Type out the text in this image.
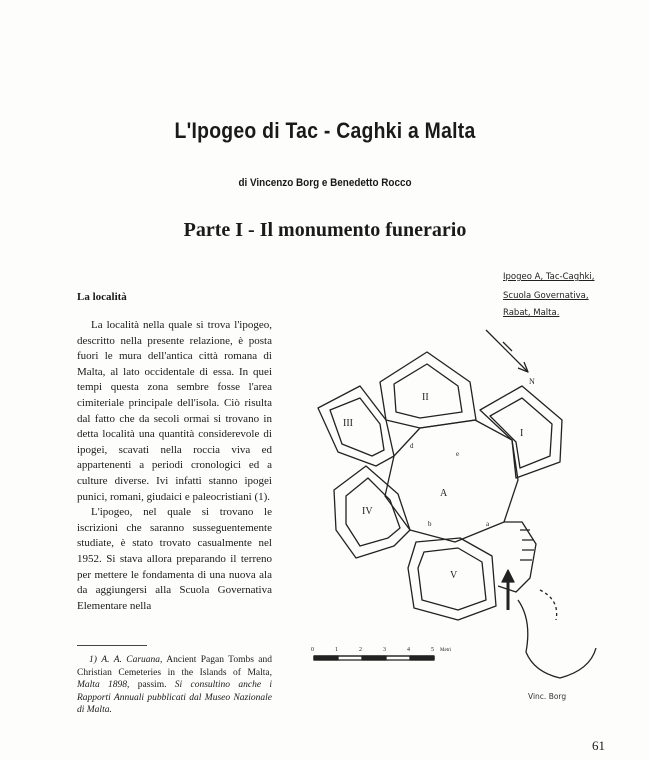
L'Ipogeo di Tac - Caghki a Malta
di Vincenzo Borg e Benedetto Rocco
Parte I - Il monumento funerario
La località

La località nella quale si trova l'ipogeo, descritto nella presente relazione, è posta fuori le mura dell'antica città romana di Malta, al lato occidentale di essa. In quei tempi questa zona sembre fosse l'area cimiteriale principale dell'isola. Ciò risulta dal fatto che da secoli ormai si trovano in detta località una quantità considerevole di ipogei, scavati nella roccia viva ed appartenenti a periodi cronologici ed a culture diverse. Ivi infatti stanno ipogei punici, romani, giudaici e paleocristiani (1).

L'ipogeo, nel quale si trovano le iscrizioni che saranno susseguentemente studiate, è stato trovato casualmente nel 1952. Si stava allora preparando il terreno per mettere le fondamenta di una nuova ala da aggiungersi alla Scuola Governativa Elementare nella

1) A. A. Caruana, Ancient Pagan Tombs and Christian Cemeteries in the Islands of Malta, Malta 1898, passim. Si consultino anche i Rapporti Annuali pubblicati dal Museo Nazionale di Malta.
Ipogeo A, Tac-Caghki,
Scuola Governativa,
Rabat, Malta.
II
III
I
A
IV
V
N
d
e
b	a
0	1	2	3	4	5 Metri
Vinc. Borg
61
